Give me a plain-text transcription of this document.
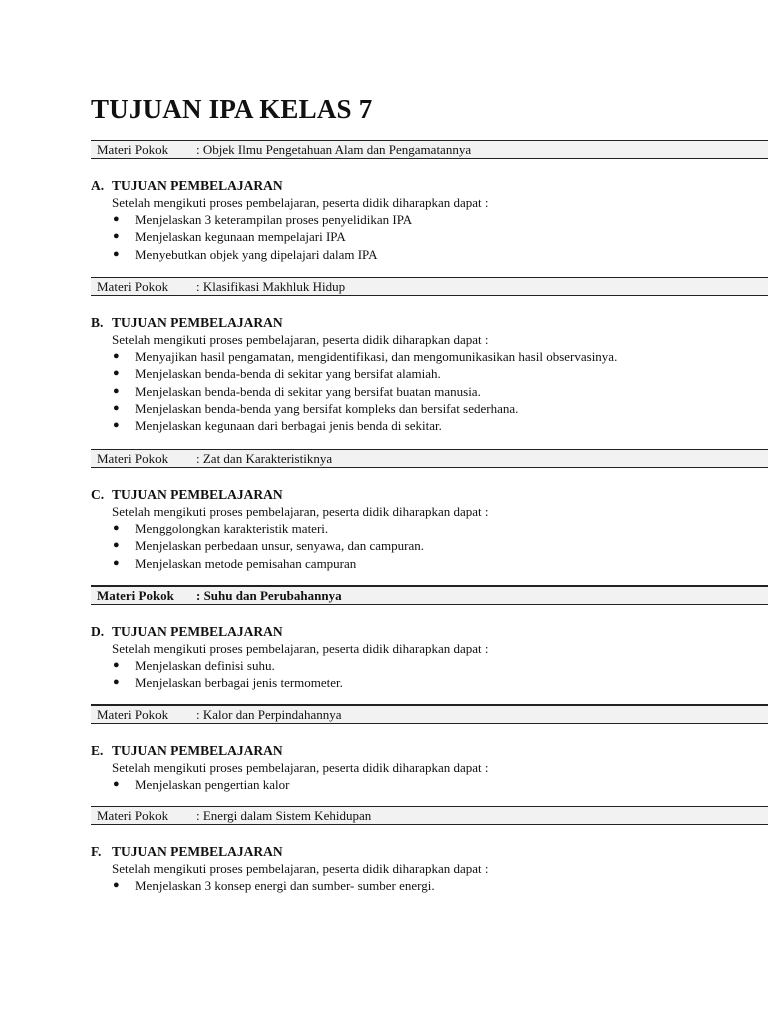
TUJUAN IPA KELAS 7
Materi Pokok : Objek Ilmu Pengetahuan Alam dan Pengamatannya
A. TUJUAN PEMBELAJARAN
Setelah mengikuti proses pembelajaran, peserta didik diharapkan dapat :
● Menjelaskan 3 keterampilan proses penyelidikan IPA
● Menjelaskan kegunaan mempelajari IPA
● Menyebutkan objek yang dipelajari dalam IPA
Materi Pokok : Klasifikasi Makhluk Hidup
B. TUJUAN PEMBELAJARAN
Setelah mengikuti proses pembelajaran, peserta didik diharapkan dapat :
● Menyajikan hasil pengamatan, mengidentifikasi, dan mengomunikasikan hasil observasinya.
● Menjelaskan benda-benda di sekitar yang bersifat alamiah.
● Menjelaskan benda-benda di sekitar yang bersifat buatan manusia.
● Menjelaskan benda-benda yang bersifat kompleks dan bersifat sederhana.
● Menjelaskan kegunaan dari berbagai jenis benda di sekitar.
Materi Pokok : Zat dan Karakteristiknya
C. TUJUAN PEMBELAJARAN
Setelah mengikuti proses pembelajaran, peserta didik diharapkan dapat :
● Menggolongkan karakteristik materi.
● Menjelaskan perbedaan unsur, senyawa, dan campuran.
● Menjelaskan metode pemisahan campuran
Materi Pokok : Suhu dan Perubahannya
D. TUJUAN PEMBELAJARAN
Setelah mengikuti proses pembelajaran, peserta didik diharapkan dapat :
● Menjelaskan definisi suhu.
● Menjelaskan berbagai jenis termometer.
Materi Pokok : Kalor dan Perpindahannya
E. TUJUAN PEMBELAJARAN
Setelah mengikuti proses pembelajaran, peserta didik diharapkan dapat :
● Menjelaskan pengertian kalor
Materi Pokok : Energi dalam Sistem Kehidupan
F. TUJUAN PEMBELAJARAN
Setelah mengikuti proses pembelajaran, peserta didik diharapkan dapat :
● Menjelaskan 3 konsep energi dan sumber- sumber energi.
